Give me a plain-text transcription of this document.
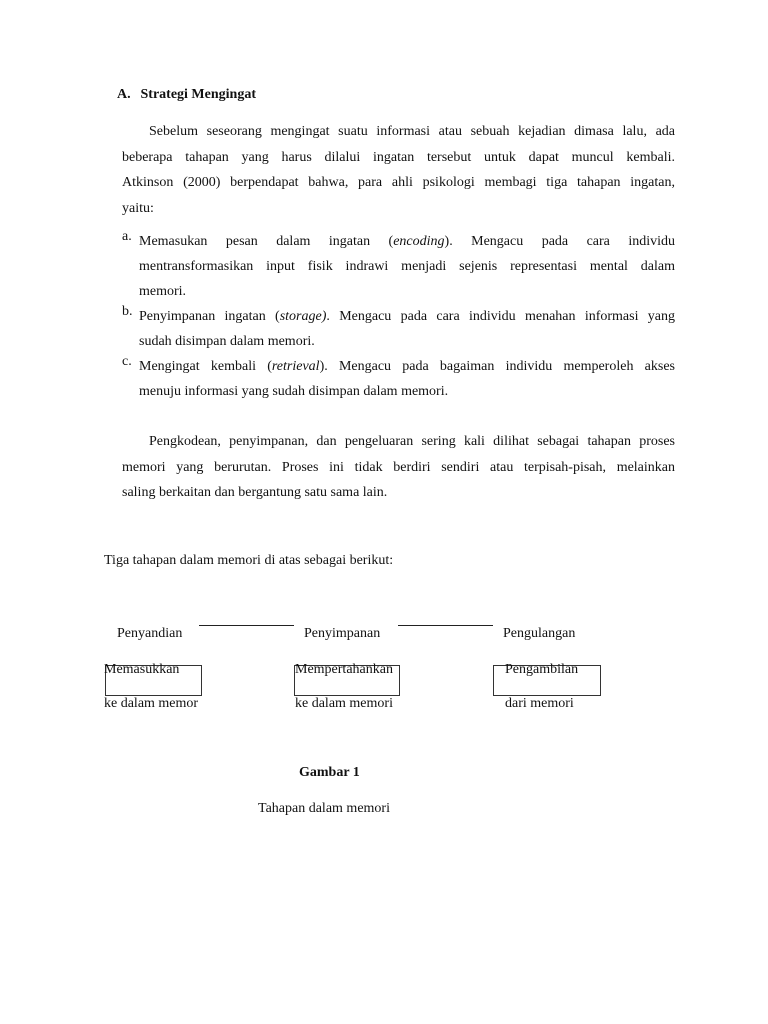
A. Strategi Mengingat
Sebelum seseorang mengingat suatu informasi atau sebuah kejadian dimasa lalu, ada
beberapa tahapan yang harus dilalui ingatan tersebut untuk dapat muncul kembali.
Atkinson (2000) berpendapat bahwa, para ahli psikologi membagi tiga tahapan ingatan,
yaitu:
a. Memasukan pesan dalam ingatan (encoding). Mengacu pada cara individu
mentransformasikan input fisik indrawi menjadi sejenis representasi mental dalam
memori.
b. Penyimpanan ingatan (storage). Mengacu pada cara individu menahan informasi yang
sudah disimpan dalam memori.
c. Mengingat kembali (retrieval). Mengacu pada bagaiman individu memperoleh akses
menuju informasi yang sudah disimpan dalam memori.
Pengkodean, penyimpanan, dan pengeluaran sering kali dilihat sebagai tahapan proses
memori yang berurutan. Proses ini tidak berdiri sendiri atau terpisah-pisah, melainkan
saling berkaitan dan bergantung satu sama lain.
Tiga tahapan dalam memori di atas sebagai berikut:
Penyandian	Penyimpanan	Pengulangan
Memasukkan	Mempertahankan	Pengambilan
ke dalam memor	ke dalam memori	dari memori
Gambar 1
Tahapan dalam memori
